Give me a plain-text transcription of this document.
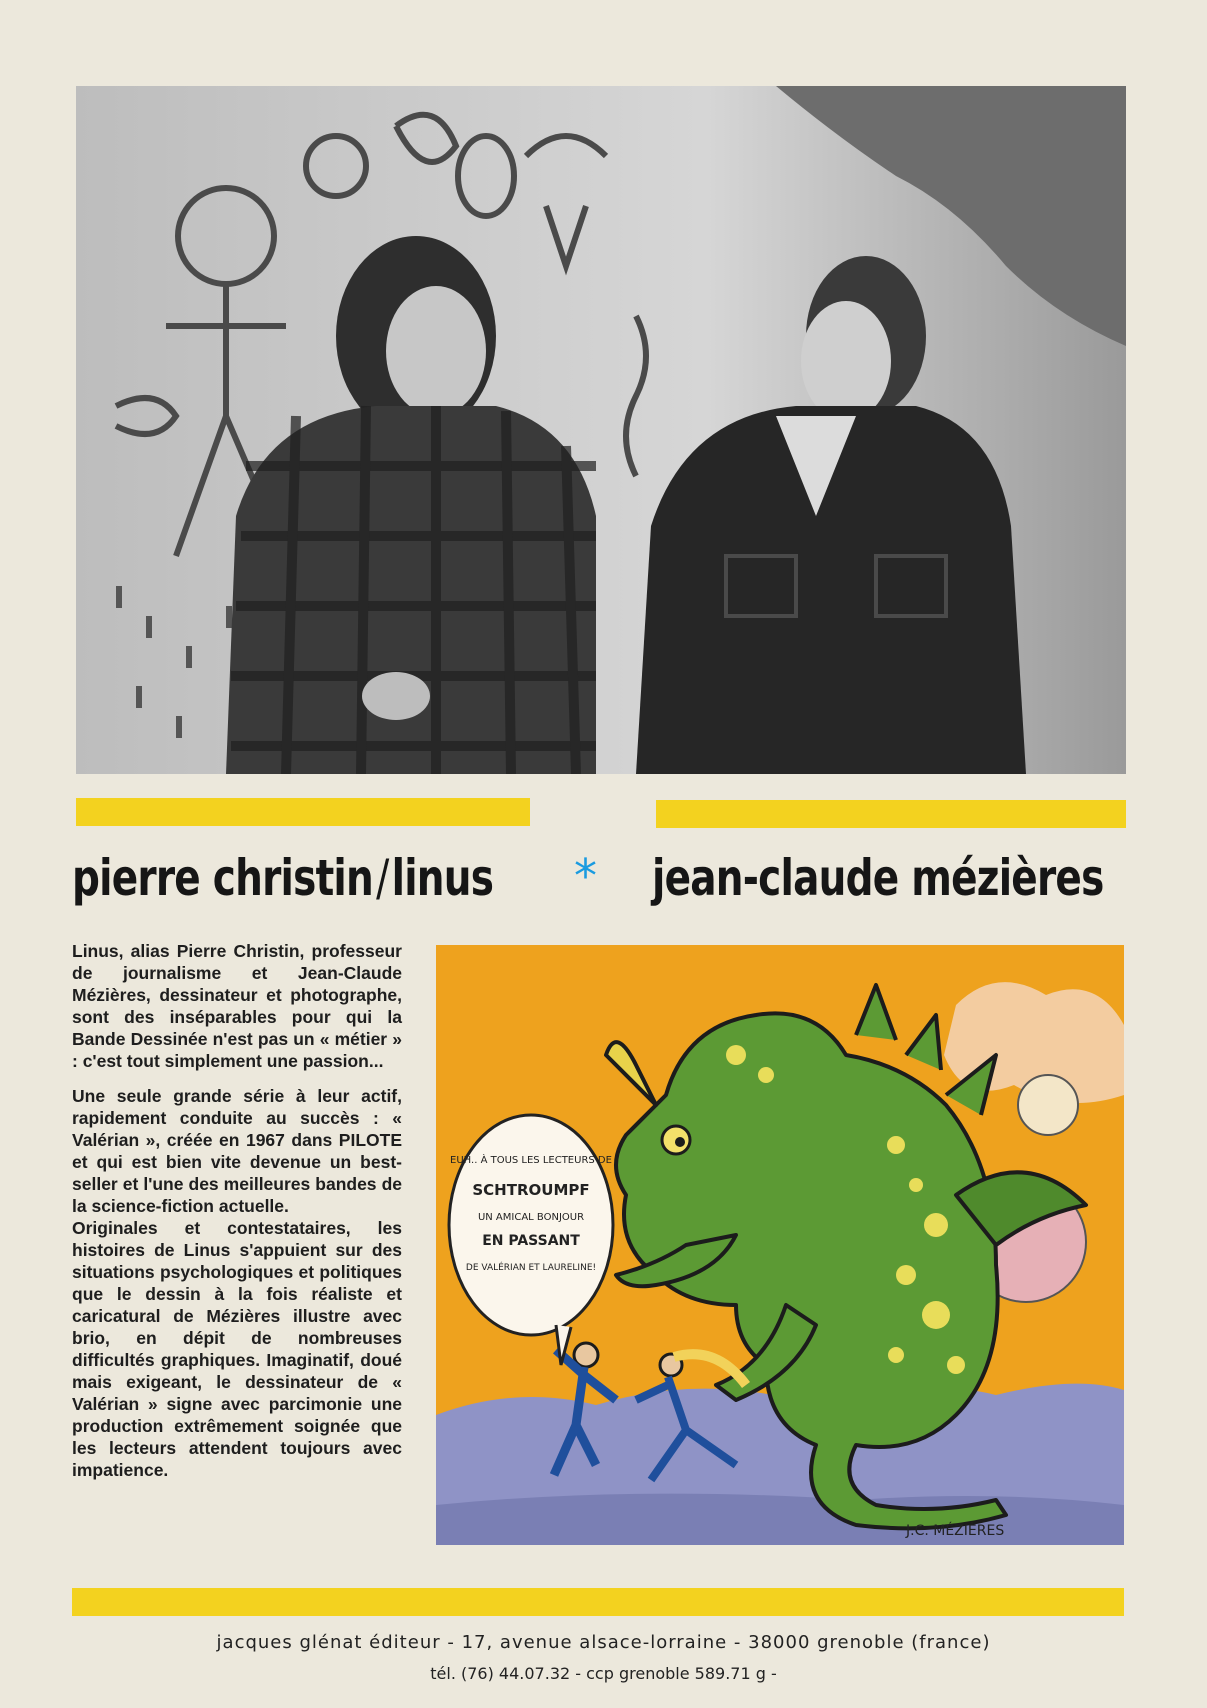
pierre christin/linus * jean-claude mézières

Linus, alias Pierre Christin, professeur de journalisme et Jean-Claude Mézières, dessinateur et photographe, sont des inséparables pour qui la Bande Dessinée n'est pas un « métier » : c'est tout simplement une passion...

Une seule grande série à leur actif, rapidement conduite au succès : « Valérian », créée en 1967 dans PILOTE et qui est bien vite devenue un best-seller et l'une des meilleures bandes de la science-fiction actuelle.

Originales et contestataires, les histoires de Linus s'appuient sur des situations psychologiques et politiques que le dessin à la fois réaliste et caricatural de Mézières illustre avec brio, en dépit de nombreuses difficultés graphiques. Imaginatif, doué mais exigeant, le dessinateur de « Valérian » signe avec parcimonie une production extrêmement soignée que les lecteurs attendent toujours avec impatience.

EUH.. À TOUS LES LECTEURS DE
SCHTROUMPF
UN AMICAL BONJOUR
EN PASSANT
DE VALÉRIAN ET LAURELINE!
J.C. MÉZIÈRES
jacques glénat éditeur - 17, avenue alsace-lorraine - 38000 grenoble (france)
tél. (76) 44.07.32 - ccp grenoble 589.71 g -
